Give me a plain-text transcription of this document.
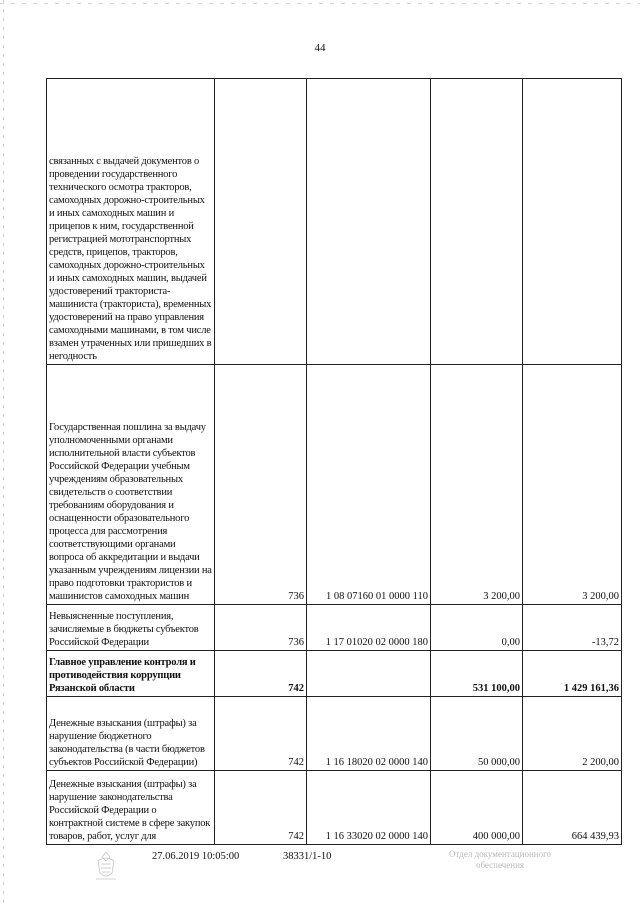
44
связанных с выдачей документов о проведении государственного технического осмотра тракторов, самоходных дорожно-строительных и иных самоходных машин и прицепов к ним, государственной регистрацией мототранспортных средств, прицепов, тракторов, самоходных дорожно-строительных и иных самоходных машин, выдачей удостоверений тракториста-машиниста (тракториста), временных удостоверений на право управления самоходными машинами, в том числе взамен утраченных или пришедших в негодность				
Государственная пошлина за выдачу уполномоченными органами исполнительной власти субъектов Российской Федерации учебным учреждениям образовательных свидетельств о соответствии требованиям оборудования и оснащенности образовательного процесса для рассмотрения соответствующими органами вопроса об аккредитации и выдачи указанным учреждениям лицензии на право подготовки трактористов и машинистов самоходных машин	736	1 08 07160 01 0000 110	3 200,00	3 200,00
Невыясненные поступления, зачисляемые в бюджеты субъектов Российской Федерации	736	1 17 01020 02 0000 180	0,00	-13,72
Главное управление контроля и противодействия коррупции Рязанской области	742		531 100,00	1 429 161,36
Денежные взыскания (штрафы) за нарушение бюджетного законодательства (в части бюджетов субъектов Российской Федерации)	742	1 16 18020 02 0000 140	50 000,00	2 200,00
Денежные взыскания (штрафы) за нарушение законодательства Российской Федерации о контрактной системе в сфере закупок товаров, работ, услуг для	742	1 16 33020 02 0000 140	400 000,00	664 439,93
27.06.2019 10:05:00	38331/1-10	Отдел документационного
обеспечения
